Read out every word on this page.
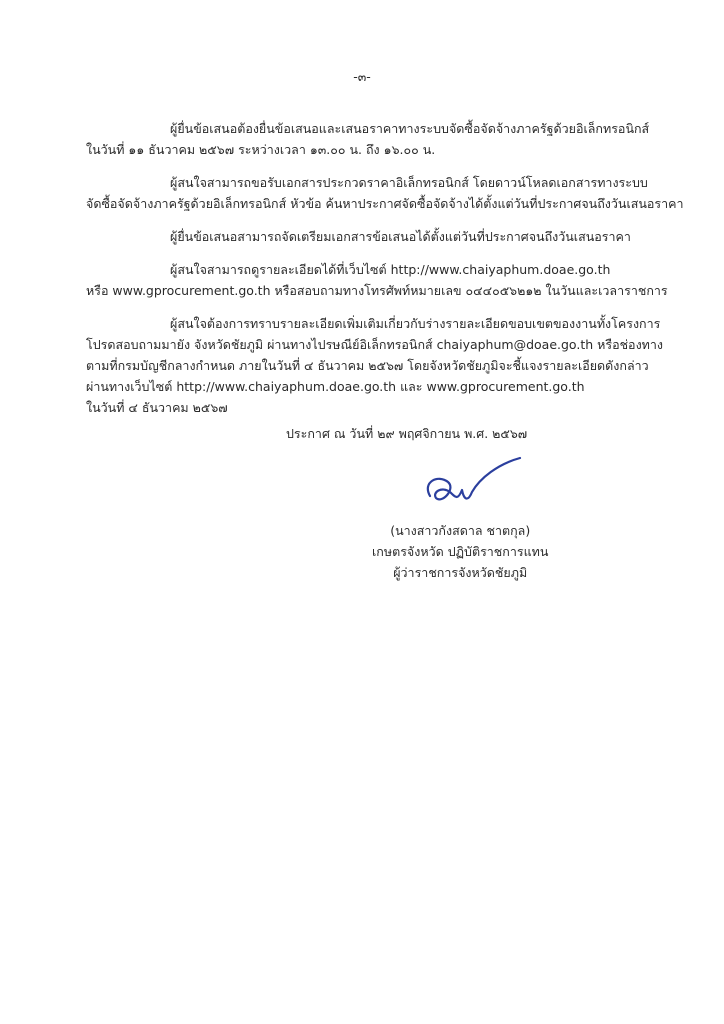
-๓-

ผู้ยื่นข้อเสนอต้องยื่นข้อเสนอและเสนอราคาทางระบบจัดซื้อจัดจ้างภาครัฐด้วยอิเล็กทรอนิกส์
ในวันที่ ๑๑ ธันวาคม ๒๕๖๗ ระหว่างเวลา ๑๓.๐๐ น. ถึง ๑๖.๐๐ น.

ผู้สนใจสามารถขอรับเอกสารประกวดราคาอิเล็กทรอนิกส์ โดยดาวน์โหลดเอกสารทางระบบ
จัดซื้อจัดจ้างภาครัฐด้วยอิเล็กทรอนิกส์ หัวข้อ ค้นหาประกาศจัดซื้อจัดจ้างได้ตั้งแต่วันที่ประกาศจนถึงวันเสนอราคา

ผู้ยื่นข้อเสนอสามารถจัดเตรียมเอกสารข้อเสนอได้ตั้งแต่วันที่ประกาศจนถึงวันเสนอราคา

ผู้สนใจสามารถดูรายละเอียดได้ที่เว็บไซต์ http://www.chaiyaphum.doae.go.th
หรือ www.gprocurement.go.th หรือสอบถามทางโทรศัพท์หมายเลข ๐๔๔๐๕๖๒๑๒ ในวันและเวลาราชการ

ผู้สนใจต้องการทราบรายละเอียดเพิ่มเติมเกี่ยวกับร่างรายละเอียดขอบเขตของงานทั้งโครงการ
โปรดสอบถามมายัง จังหวัดชัยภูมิ ผ่านทางไปรษณีย์อิเล็กทรอนิกส์ chaiyaphum@doae.go.th หรือช่องทาง
ตามที่กรมบัญชีกลางกำหนด ภายในวันที่ ๔ ธันวาคม ๒๕๖๗ โดยจังหวัดชัยภูมิจะชี้แจงรายละเอียดดังกล่าว
ผ่านทางเว็บไซต์ http://www.chaiyaphum.doae.go.th และ www.gprocurement.go.th
ในวันที่ ๔ ธันวาคม ๒๕๖๗

ประกาศ ณ วันที่ ๒๙ พฤศจิกายน พ.ศ. ๒๕๖๗
(นางสาวกังสดาล ชาตกุล)
เกษตรจังหวัด ปฏิบัติราชการแทน
ผู้ว่าราชการจังหวัดชัยภูมิ
